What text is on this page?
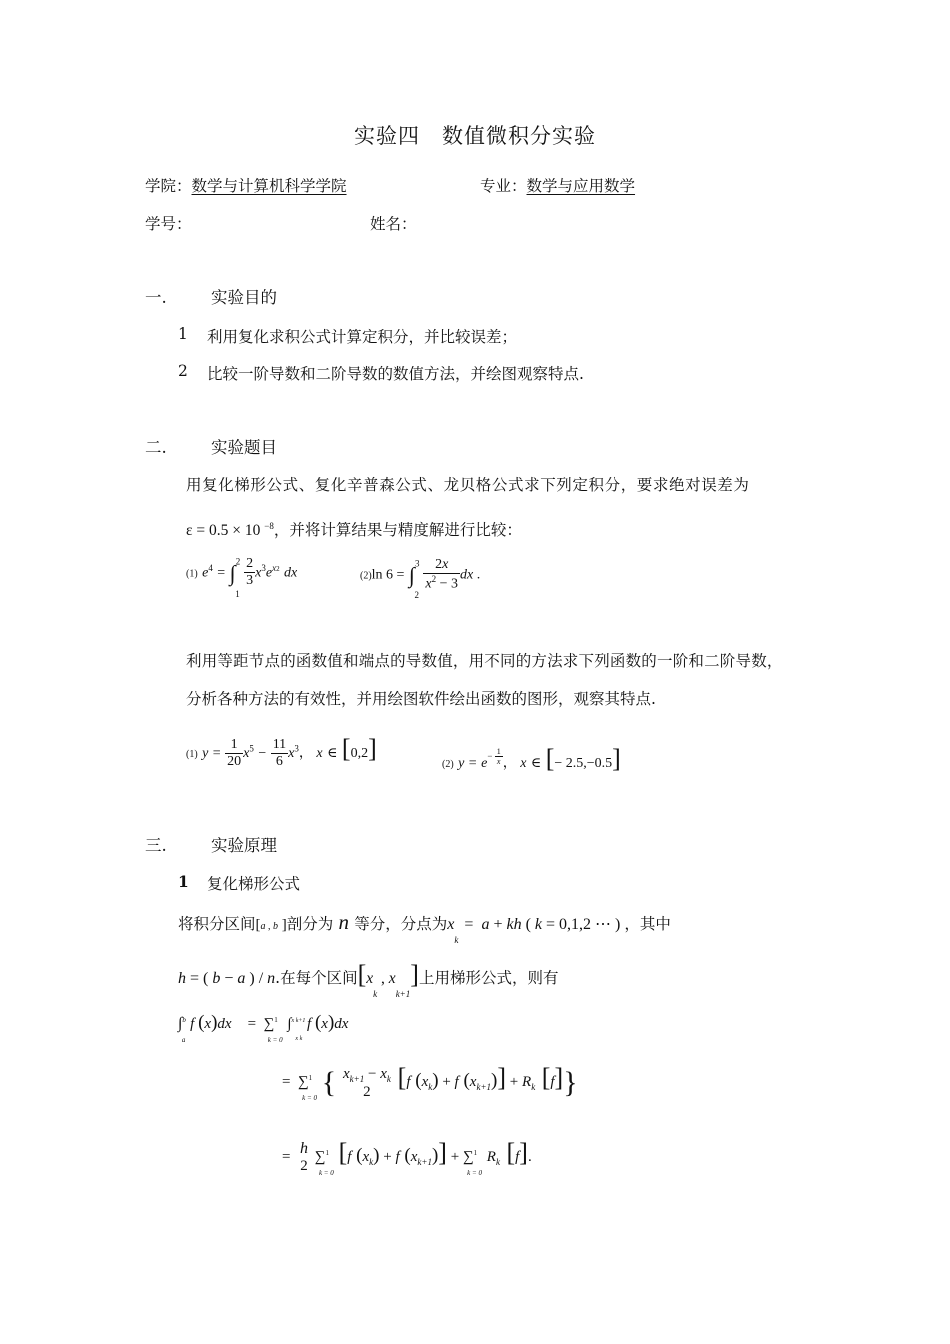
实验四　数值微积分实验
学院：数学与计算机科学学院	专业：数学与应用数学
学号：	姓名：
一.	实验目的
1 利用复化求积公式计算定积分，并比较误差；
2 比较一阶导数和二阶导数的数值方法，并绘图观察特点.
二.	实验题目
用复化梯形公式、复化辛普森公式、龙贝格公式求下列定积分，要求绝对误差为
ε = 0.5 × 10 $^{-8}$，并将计算结果与精度解进行比较：
(1) $e^4 = \int^2_1$
$\frac{2}{3} x^3e^{x2}$ dx	(2)ln 6 = ∫$^3_2$
$\frac{2x}{x^2 - 3}$ dx .
利用等距节点的函数值和端点的导数值，用不同的方法求下列函数的一阶和二阶导数，
分析各种方法的有效性，并用绘图软件绘出函数的图形，观察其特点.
(1) $y = \frac{1}{20} x^5 - \frac{11}{6} x^3$， x ∈ [0,2]
(2) $y = e^{- \frac{1}{x}}$ ， x ∈ [− 2.5,−0.5]
三.	实验原理
1 复化梯形公式
将积分区间[a , b ]剖分为 n 等分，分点为$x_k = a$ + kh ( k = 0,1,2 ⋯ ) ，其中
h = ( b − a ) / n.在每个区间[$x_k$ , $x_{k+1}$]上用梯形公式，则有
∫$^b_a$ f (x)dx    =  ∑$^1_{k = 0}$ ∫$^{x k+1}_{x k}$ f (x)dx
=  ∑$^1_{k = 0}$ { $x_{k+1} - x_k$
2	[f $(x_k) + f$ $(x_{k+1})] + R_k$ [f]}
=
h
2
∑$^1_{k = 0}$ [f $(x_k) + f$ $(x_{k+1})] + \sum^1_{k = 0}$ $R_k$ [f].
